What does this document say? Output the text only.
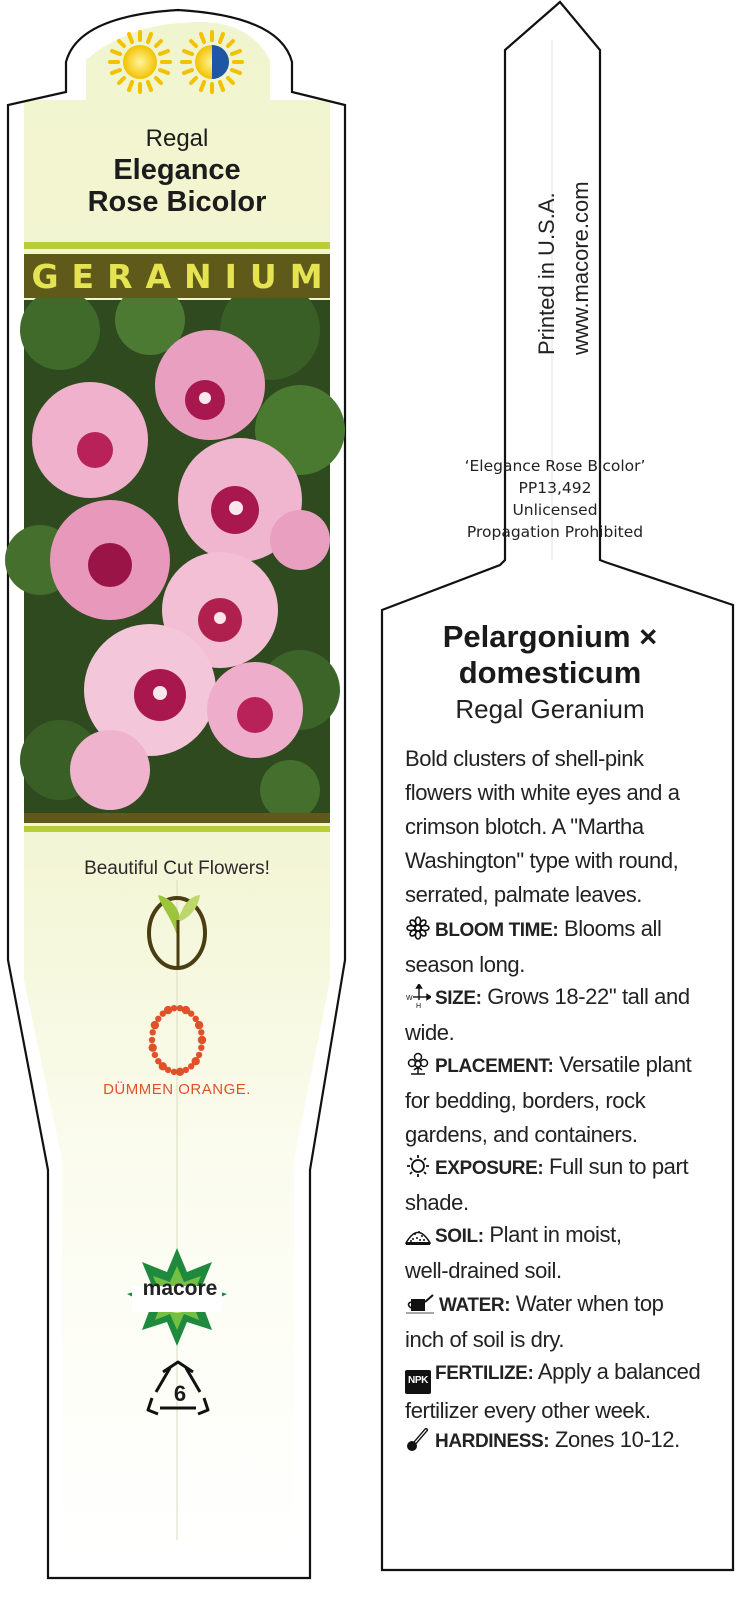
Regal
Elegance
Rose Bicolor
GERANIUM
Beautiful Cut Flowers!
DÜMMEN ORANGE.
macore
6
Printed in U.S.A. www.macore.com
‘Elegance Rose Bicolor’
PP13,492
Unlicensed
Propagation Prohibited
Pelargonium ×
domesticum
Regal Geranium
Bold clusters of shell-pink
flowers with white eyes and a
crimson blotch. A "Martha
Washington" type with round,
serrated, palmate leaves.
BLOOM TIME: Blooms all
season long.
W
H SIZE: Grows 18-22" tall and
wide.
PLACEMENT: Versatile plant
for bedding, borders, rock
gardens, and containers.
EXPOSURE: Full sun to part
shade.
SOIL: Plant in moist,
well-drained soil.
WATER: Water when top
inch of soil is dry.
NPK FERTILIZE: Apply a balanced
fertilizer every other week.
HARDINESS: Zones 10-12.
